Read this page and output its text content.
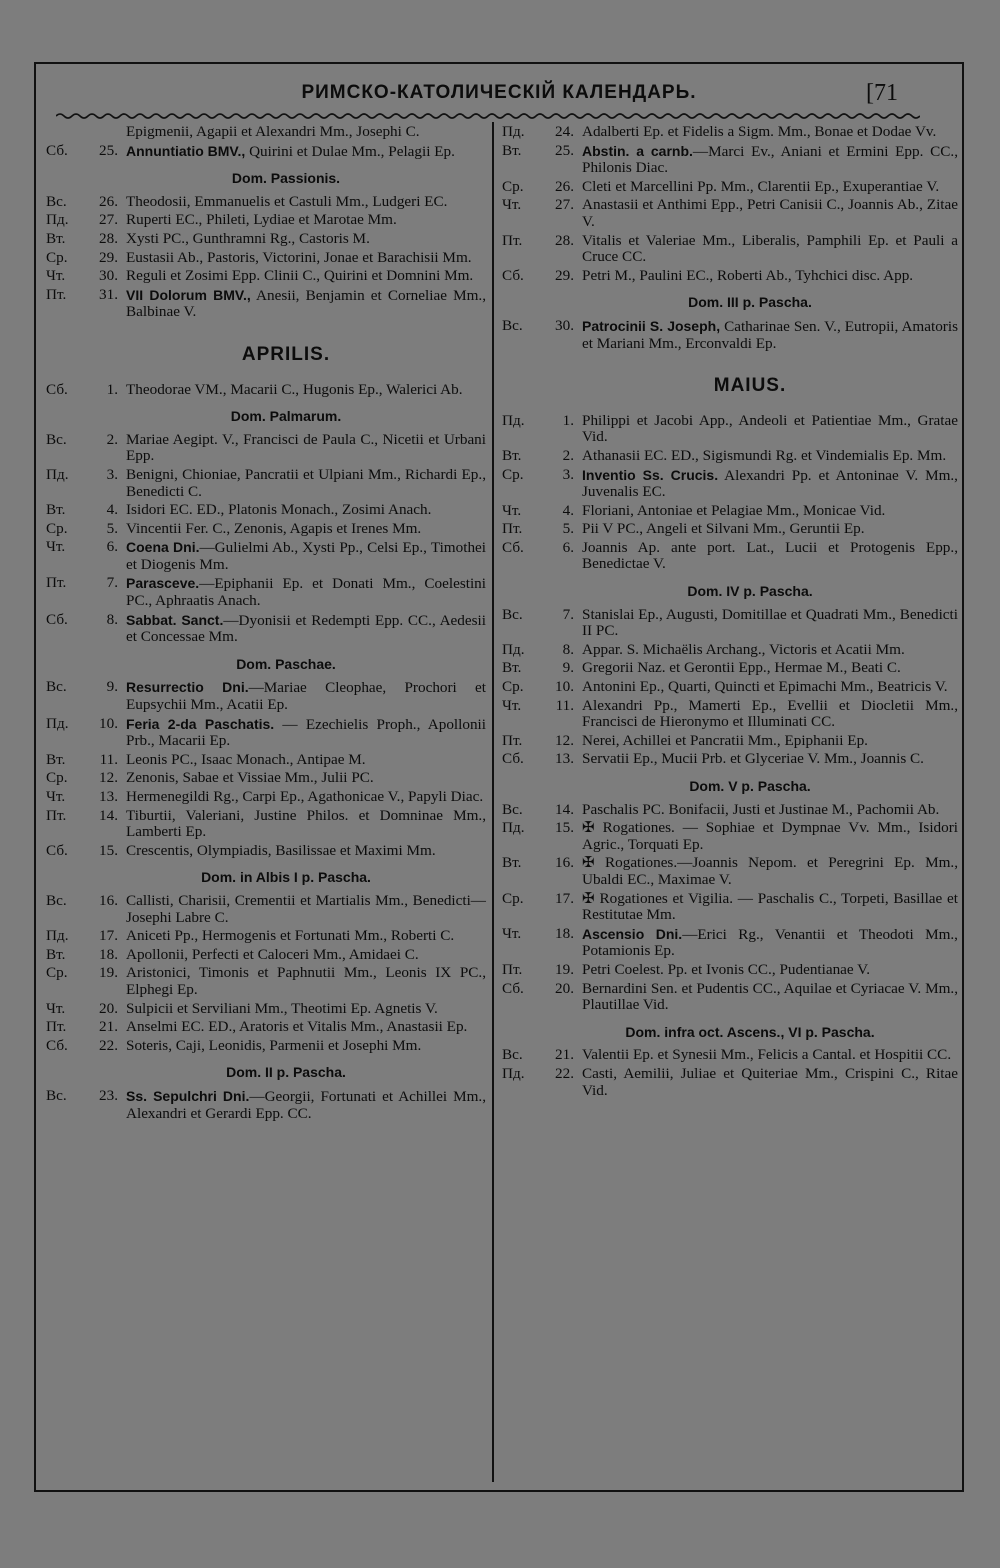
РИМСКО-КАТОЛИЧЕСКІЙ КАЛЕНДАРЬ.	[71
Epigmenii, Agapii et Alexandri Mm., Josephi C.
Сб.	25. Annuntiatio BMV., Quirini et Dulae Mm., Pelagii Ep.
Dom. Passionis.
Вс.	26. Theodosii, Emmanuelis et Castuli Mm., Ludgeri EC.
Пд.	27. Ruperti EC., Phileti, Lydiae et Marotae Mm.
Вт.	28. Xysti PC., Gunthramni Rg., Castoris M.
Ср.	29. Eustasii Ab., Pastoris, Victorini, Jonae et Barachisii Mm.
Чт.	30. Reguli et Zosimi Epp. Clinii C., Quirini et Domnini Mm.
Пт.	31. VII Dolorum BMV., Anesii, Benjamin et Corneliae Mm., Balbinae V.
APRILIS.
Сб.	1. Theodorae VM., Macarii C., Hugonis Ep., Walerici Ab.
Dom. Palmarum.
Вс.	2. Mariae Aegipt. V., Francisci de Paula C., Nicetii et Urbani Epp.
Пд.	3. Benigni, Chioniae, Pancratii et Ulpiani Mm., Richardi Ep., Benedicti C.
Вт.	4. Isidori EC. ED., Platonis Monach., Zosimi Anach.
Ср.	5. Vincentii Fer. C., Zenonis, Agapis et Irenes Mm.
Чт.	6. Coena Dni.—Gulielmi Ab., Xysti Pp., Celsi Ep., Timothei et Diogenis Mm.
Пт.	7. Parasceve.—Epiphanii Ep. et Donati Mm., Coelestini PC., Aphraatis Anach.
Сб.	8. Sabbat. Sanct.—Dyonisii et Redempti Epp. CC., Aedesii et Concessae Mm.
Dom. Paschae.
Вс.	9. Resurrectio Dni.—Mariae Cleophae, Prochori et Eupsychii Mm., Acatii Ep.
Пд.	10. Feria 2-da Paschatis. — Ezechielis Proph., Apollonii Prb., Macarii Ep.
Вт.	11. Leonis PC., Isaac Monach., Antipae M.
Ср.	12. Zenonis, Sabae et Vissiae Mm., Julii PC.
Чт.	13. Hermenegildi Rg., Carpi Ep., Agathonicae V., Papyli Diac.
Пт.	14. Tiburtii, Valeriani, Justine Philos. et Domninae Mm., Lamberti Ep.
Сб.	15. Crescentis, Olympiadis, Basilissae et Maximi Mm.
Dom. in Albis I p. Pascha.
Вс.	16. Callisti, Charisii, Crementii et Martialis Mm., Benedicti—Josephi Labre C.
Пд.	17. Aniceti Pp., Hermogenis et Fortunati Mm., Roberti C.
Вт.	18. Apollonii, Perfecti et Caloceri Mm., Amidaei C.
Ср.	19. Aristonici, Timonis et Paphnutii Mm., Leonis IX PC., Elphegi Ep.
Чт.	20. Sulpicii et Serviliani Mm., Theotimi Ep. Agnetis V.
Пт.	21. Anselmi EC. ED., Aratoris et Vitalis Mm., Anastasii Ep.
Сб.	22. Soteris, Caji, Leonidis, Parmenii et Josephi Mm.
Dom. II p. Pascha.
Вс.	23. Ss. Sepulchri Dni.—Georgii, Fortunati et Achillei Mm., Alexandri et Gerardi Epp. CC.
Пд.	24. Adalberti Ep. et Fidelis a Sigm. Mm., Bonae et Dodae Vv.
Вт.	25. Abstin. a carnb.—Marci Ev., Aniani et Ermini Epp. CC., Philonis Diac.
Ср.	26. Cleti et Marcellini Pp. Mm., Clarentii Ep., Exuperantiae V.
Чт.	27. Anastasii et Anthimi Epp., Petri Canisii C., Joannis Ab., Zitae V.
Пт.	28. Vitalis et Valeriae Mm., Liberalis, Pamphili Ep. et Pauli a Cruce CC.
Сб.	29. Petri M., Paulini EC., Roberti Ab., Tyhchici disc. App.
Dom. III p. Pascha.
Вс.	30. Patrocinii S. Joseph, Catharinae Sen. V., Eutropii, Amatoris et Mariani Mm., Erconvaldi Ep.
MAIUS.
Пд.	1. Philippi et Jacobi App., Andeoli et Patientiae Mm., Gratae Vid.
Вт.	2. Athanasii EC. ED., Sigismundi Rg. et Vindemialis Ep. Mm.
Ср.	3. Inventio Ss. Crucis. Alexandri Pp. et Antoninae V. Mm., Juvenalis EC.
Чт.	4. Floriani, Antoniae et Pelagiae Mm., Monicae Vid.
Пт.	5. Pii V PC., Angeli et Silvani Mm., Geruntii Ep.
Сб.	6. Joannis Ap. ante port. Lat., Lucii et Protogenis Epp., Benedictae V.
Dom. IV p. Pascha.
Вс.	7. Stanislai Ep., Augusti, Domitillae et Quadrati Mm., Benedicti II PC.
Пд.	8. Appar. S. Michaëlis Archang., Victoris et Acatii Mm.
Вт.	9. Gregorii Naz. et Gerontii Epp., Hermae M., Beati C.
Ср.	10. Antonini Ep., Quarti, Quincti et Epimachi Mm., Beatricis V.
Чт.	11. Alexandri Pp., Mamerti Ep., Evellii et Diocletii Mm., Francisci de Hieronymo et Illuminati CC.
Пт.	12. Nerei, Achillei et Pancratii Mm., Epiphanii Ep.
Сб.	13. Servatii Ep., Mucii Prb. et Glyceriae V. Mm., Joannis C.
Dom. V p. Pascha.
Вс.	14. Paschalis PC. Bonifacii, Justi et Justinae M., Pachomii Ab.
Пд.	15. ✠ Rogationes. — Sophiae et Dympnae Vv. Mm., Isidori Agric., Torquati Ep.
Вт.	16. ✠ Rogationes.—Joannis Nepom. et Peregrini Ep. Mm., Ubaldi EC., Maximae V.
Ср.	17. ✠ Rogationes et Vigilia. — Paschalis C., Torpeti, Basillae et Restitutae Mm.
Чт.	18. Ascensio Dni.—Erici Rg., Venantii et Theodoti Mm., Potamionis Ep.
Пт.	19. Petri Coelest. Pp. et Ivonis CC., Pudentianae V.
Сб.	20. Bernardini Sen. et Pudentis CC., Aquilae et Cyriacae V. Mm., Plautillae Vid.
Dom. infra oct. Ascens., VI p. Pascha.
Вс.	21. Valentii Ep. et Synesii Mm., Felicis a Cantal. et Hospitii CC.
Пд.	22. Casti, Aemilii, Juliae et Quiteriae Mm., Crispini C., Ritae Vid.
